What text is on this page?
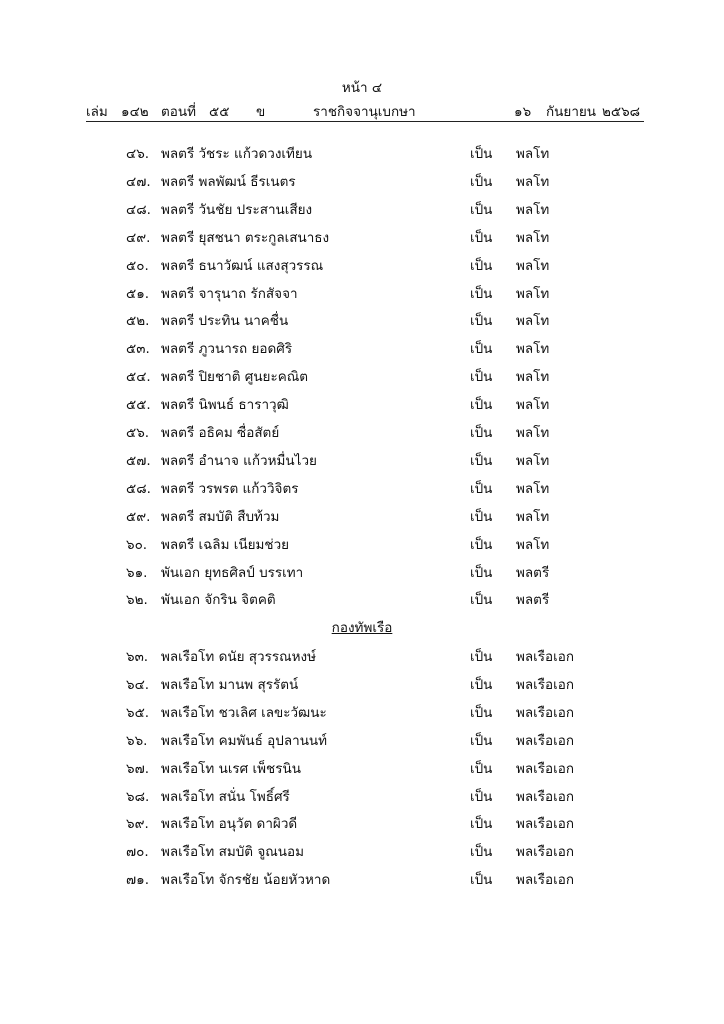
หน้า ๔
เล่ม ๑๔๒ ตอนที่ ๕๕ ข	ราชกิจจานุเบกษา	๑๖ กันยายน ๒๕๖๘
๔๖. พลตรี วัชระ แก้วดวงเทียน	เป็น พลโท
๔๗. พลตรี พลพัฒน์ ธีรเนตร	เป็น พลโท
๔๘. พลตรี วันชัย ประสานเสียง	เป็น พลโท
๔๙. พลตรี ยุสชนา ตระกูลเสนาธง	เป็น พลโท
๕๐. พลตรี ธนาวัฒน์ แสงสุวรรณ	เป็น พลโท
๕๑. พลตรี จารุนาถ รักสัจจา	เป็น พลโท
๕๒. พลตรี ประทิน นาคชื่น	เป็น พลโท
๕๓. พลตรี ภูวนารถ ยอดศิริ	เป็น พลโท
๕๔. พลตรี ปิยชาติ ศูนยะคณิต	เป็น พลโท
๕๕. พลตรี นิพนธ์ ธาราวุฒิ	เป็น พลโท
๕๖. พลตรี อธิคม ซื่อสัตย์	เป็น พลโท
๕๗. พลตรี อำนาจ แก้วหมื่นไวย	เป็น พลโท
๕๘. พลตรี วรพรต แก้ววิจิตร	เป็น พลโท
๕๙. พลตรี สมบัติ สืบท้วม	เป็น พลโท
๖๐. พลตรี เฉลิม เนียมช่วย	เป็น พลโท
๖๑. พันเอก ยุทธศิลป์ บรรเทา	เป็น พลตรี
๖๒. พันเอก จักริน จิตคติ	เป็น พลตรี
กองทัพเรือ
๖๓. พลเรือโท ดนัย สุวรรณหงษ์	เป็น พลเรือเอก
๖๔. พลเรือโท มานพ สุรรัตน์	เป็น พลเรือเอก
๖๕. พลเรือโท ชวเลิศ เลขะวัฒนะ	เป็น พลเรือเอก
๖๖. พลเรือโท คมพันธ์ อุปลานนท์	เป็น พลเรือเอก
๖๗. พลเรือโท นเรศ เพ็ชรนิน	เป็น พลเรือเอก
๖๘. พลเรือโท สนั่น โพธิ์ศรี	เป็น พลเรือเอก
๖๙. พลเรือโท อนุวัต ดาผิวดี	เป็น พลเรือเอก
๗๐. พลเรือโท สมบัติ จูณนอม	เป็น พลเรือเอก
๗๑. พลเรือโท จักรชัย น้อยหัวหาด	เป็น พลเรือเอก
